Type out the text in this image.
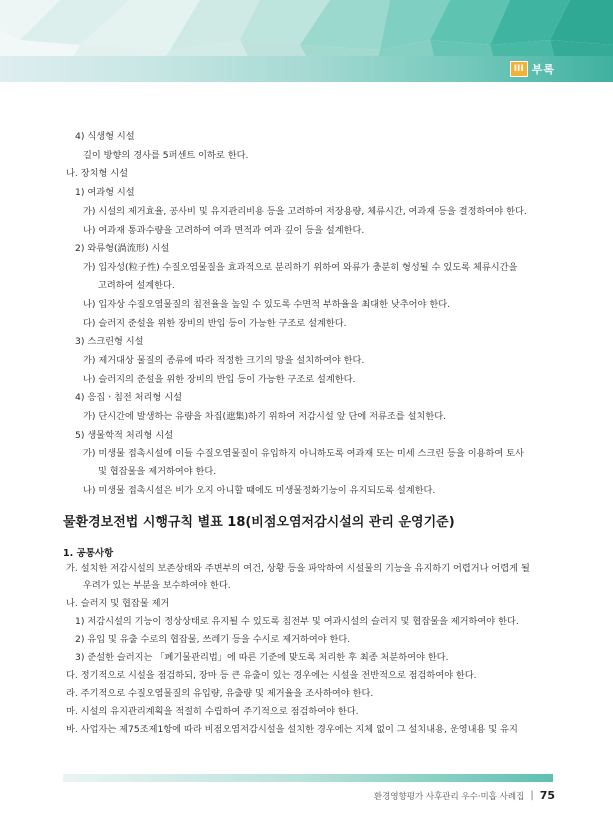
III 부록
4) 식생형 시설
길이 방향의 경사를 5퍼센트 이하로 한다.
나. 장치형 시설
1) 여과형 시설
가) 시설의 제거효율, 공사비 및 유지관리비용 등을 고려하여 저장용량, 체류시간, 여과재 등을 결정하여야 한다.
나) 여과재 통과수량을 고려하여 여과 면적과 여과 깊이 등을 설계한다.
2) 와류형(渦流形) 시설
가) 입자성(粒子性) 수질오염물질을 효과적으로 분리하기 위하여 와류가 충분히 형성될 수 있도록 체류시간을
고려하여 설계한다.
나) 입자상 수질오염물질의 침전율을 높일 수 있도록 수면적 부하율을 최대한 낮추어야 한다.
다) 슬러지 준설을 위한 장비의 반입 등이 가능한 구조로 설계한다.
3) 스크린형 시설
가) 제거대상 물질의 종류에 따라 적정한 크기의 망을 설치하여야 한다.
나) 슬러지의 준설을 위한 장비의 반입 등이 가능한 구조로 설계한다.
4) 응집ㆍ침전 처리형 시설
가) 단시간에 발생하는 유량을 차집(遮集)하기 위하여 저감시설 앞 단에 저류조를 설치한다.
5) 생물학적 처리형 시설
가) 미생물 접촉시설에 이들 수질오염물질이 유입하지 아니하도록 여과재 또는 미세 스크린 등을 이용하여 토사
및 협잡물을 제거하여야 한다.
나) 미생물 접촉시설은 비가 오지 아니할 때에도 미생물정화기능이 유지되도록 설계한다.
물환경보전법 시행규칙 별표 18(비점오염저감시설의 관리 운영기준)
1. 공통사항
가. 설치한 저감시설의 보존상태와 주변부의 여건, 상황 등을 파악하여 시설물의 기능을 유지하기 어렵거나 어렵게 될
우려가 있는 부분을 보수하여야 한다.
나. 슬러지 및 협잡물 제거
1) 저감시설의 기능이 정상상태로 유지될 수 있도록 침전부 및 여과시설의 슬러지 및 협잡물을 제거하여야 한다.
2) 유입 및 유출 수로의 협잡물, 쓰레기 등을 수시로 제거하여야 한다.
3) 준설한 슬러지는 「폐기물관리법」에 따른 기준에 맞도록 처리한 후 최종 처분하여야 한다.
다. 정기적으로 시설을 점검하되, 장마 등 큰 유출이 있는 경우에는 시설을 전반적으로 점검하여야 한다.
라. 주기적으로 수질오염물질의 유입량, 유출량 및 제거율을 조사하여야 한다.
마. 시설의 유지관리계획을 적절히 수립하여 주기적으로 점검하여야 한다.
바. 사업자는 제75조제1항에 따라 비점오염저감시설을 설치한 경우에는 지체 없이 그 설치내용, 운영내용 및 유지
환경영향평가 사후관리 우수·미흡 사례집 | 75
